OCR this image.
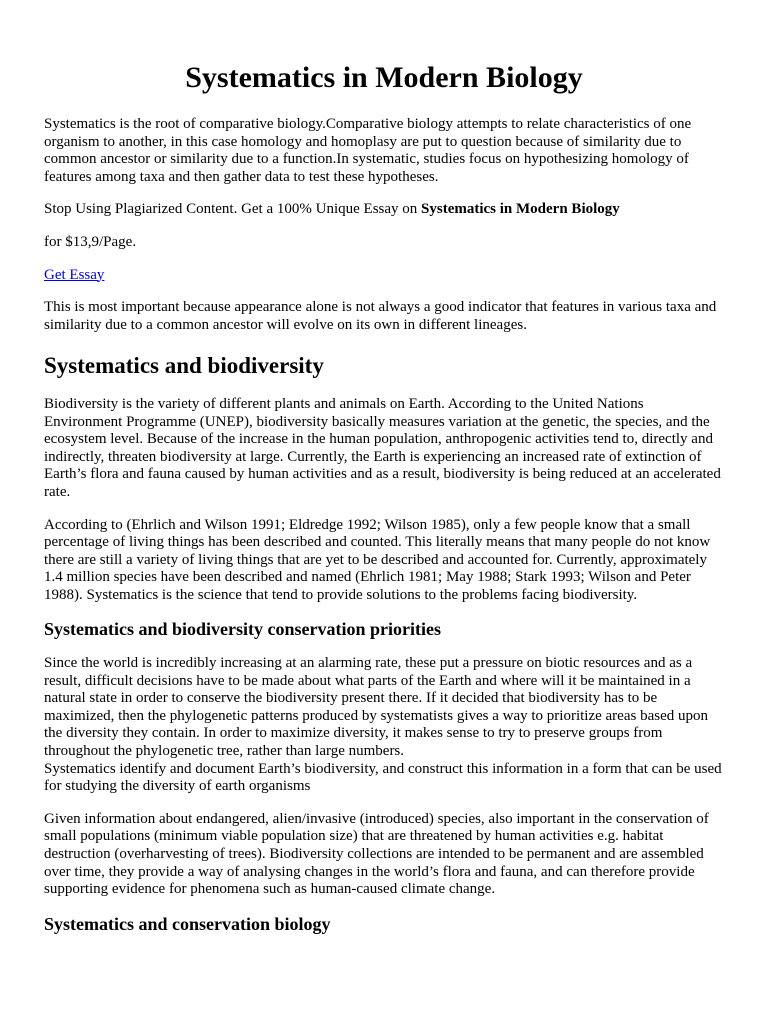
Systematics in Modern Biology

Systematics is the root of comparative biology.Comparative biology attempts to relate characteristics of one organism to another, in this case homology and homoplasy are put to question because of similarity due to common ancestor or similarity due to a function.In systematic, studies focus on hypothesizing homology of features among taxa and then gather data to test these hypotheses.

Stop Using Plagiarized Content. Get a 100% Unique Essay on Systematics in Modern Biology

for $13,9/Page.

Get Essay

This is most important because appearance alone is not always a good indicator that features in various taxa and similarity due to a common ancestor will evolve on its own in different lineages.

Systematics and biodiversity

Biodiversity is the variety of different plants and animals on Earth. According to the United Nations Environment Programme (UNEP), biodiversity basically measures variation at the genetic, the species, and the ecosystem level. Because of the increase in the human population, anthropogenic activities tend to, directly and indirectly, threaten biodiversity at large. Currently, the Earth is experiencing an increased rate of extinction of Earth’s flora and fauna caused by human activities and as a result, biodiversity is being reduced at an accelerated rate.

According to (Ehrlich and Wilson 1991; Eldredge 1992; Wilson 1985), only a few people know that a small percentage of living things has been described and counted. This literally means that many people do not know there are still a variety of living things that are yet to be described and accounted for. Currently, approximately 1.4 million species have been described and named (Ehrlich 1981; May 1988; Stark 1993; Wilson and Peter 1988). Systematics is the science that tend to provide solutions to the problems facing biodiversity.

Systematics and biodiversity conservation priorities

Since the world is incredibly increasing at an alarming rate, these put a pressure on biotic resources and as a result, difficult decisions have to be made about what parts of the Earth and where will it be maintained in a natural state in order to conserve the biodiversity present there. If it decided that biodiversity has to be maximized, then the phylogenetic patterns produced by systematists gives a way to prioritize areas based upon the diversity they contain. In order to maximize diversity, it makes sense to try to preserve groups from throughout the phylogenetic tree, rather than large numbers.
Systematics identify and document Earth’s biodiversity, and construct this information in a form that can be used for studying the diversity of earth organisms

Given information about endangered, alien/invasive (introduced) species, also important in the conservation of small populations (minimum viable population size) that are threatened by human activities e.g. habitat destruction (overharvesting of trees). Biodiversity collections are intended to be permanent and are assembled over time, they provide a way of analysing changes in the world’s flora and fauna, and can therefore provide supporting evidence for phenomena such as human-caused climate change.

Systematics and conservation biology
